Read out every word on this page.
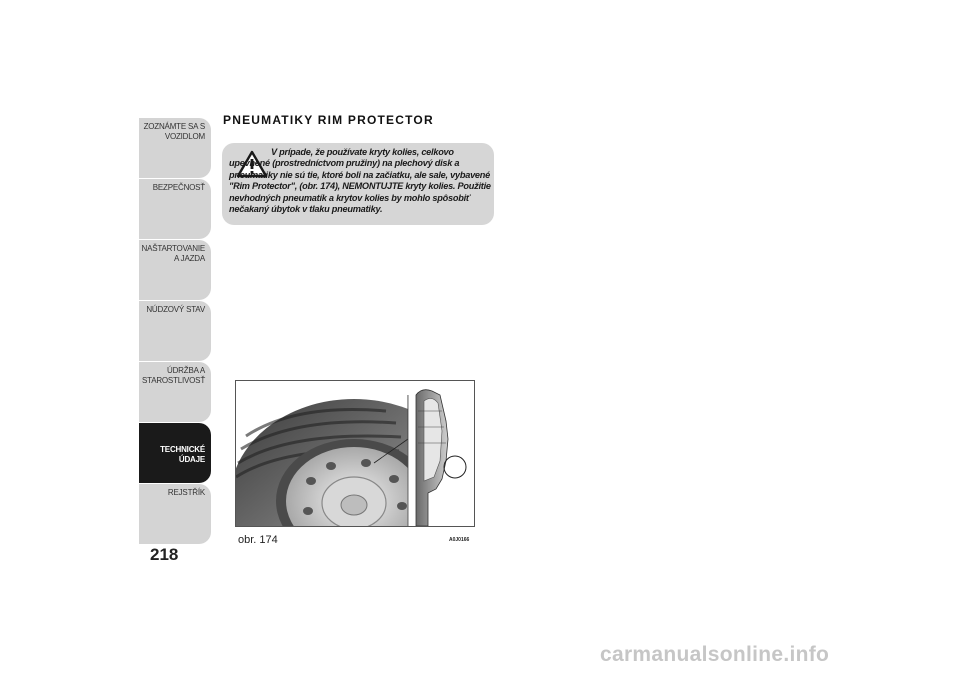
ZOZNÁMTE SA S VOZIDLOM
BEZPEČNOSŤ
NAŠTARTOVANIE A JAZDA
NÚDZOVÝ STAV
ÚDRŽBA A STAROSTLIVOSŤ
TECHNICKÉ ÚDAJE
REJSTŘÍK
218
PNEUMATIKY RIM PROTECTOR
V prípade, že používate kryty kolies, celkovo upevnené (prostredníctvom pružiny) na plechový disk a pneumatiky nie sú tie, ktoré boli na začiatku, ale sale, vybavené "Rim Protector", (obr. 174), NEMONTUJTE kryty kolies. Použitie nevhodných pneumatík a krytov kolies by mohlo spôsobiť nečakaný úbytok v tlaku pneumatiky.
obr. 174	A0J0166
carmanualsonline.info
